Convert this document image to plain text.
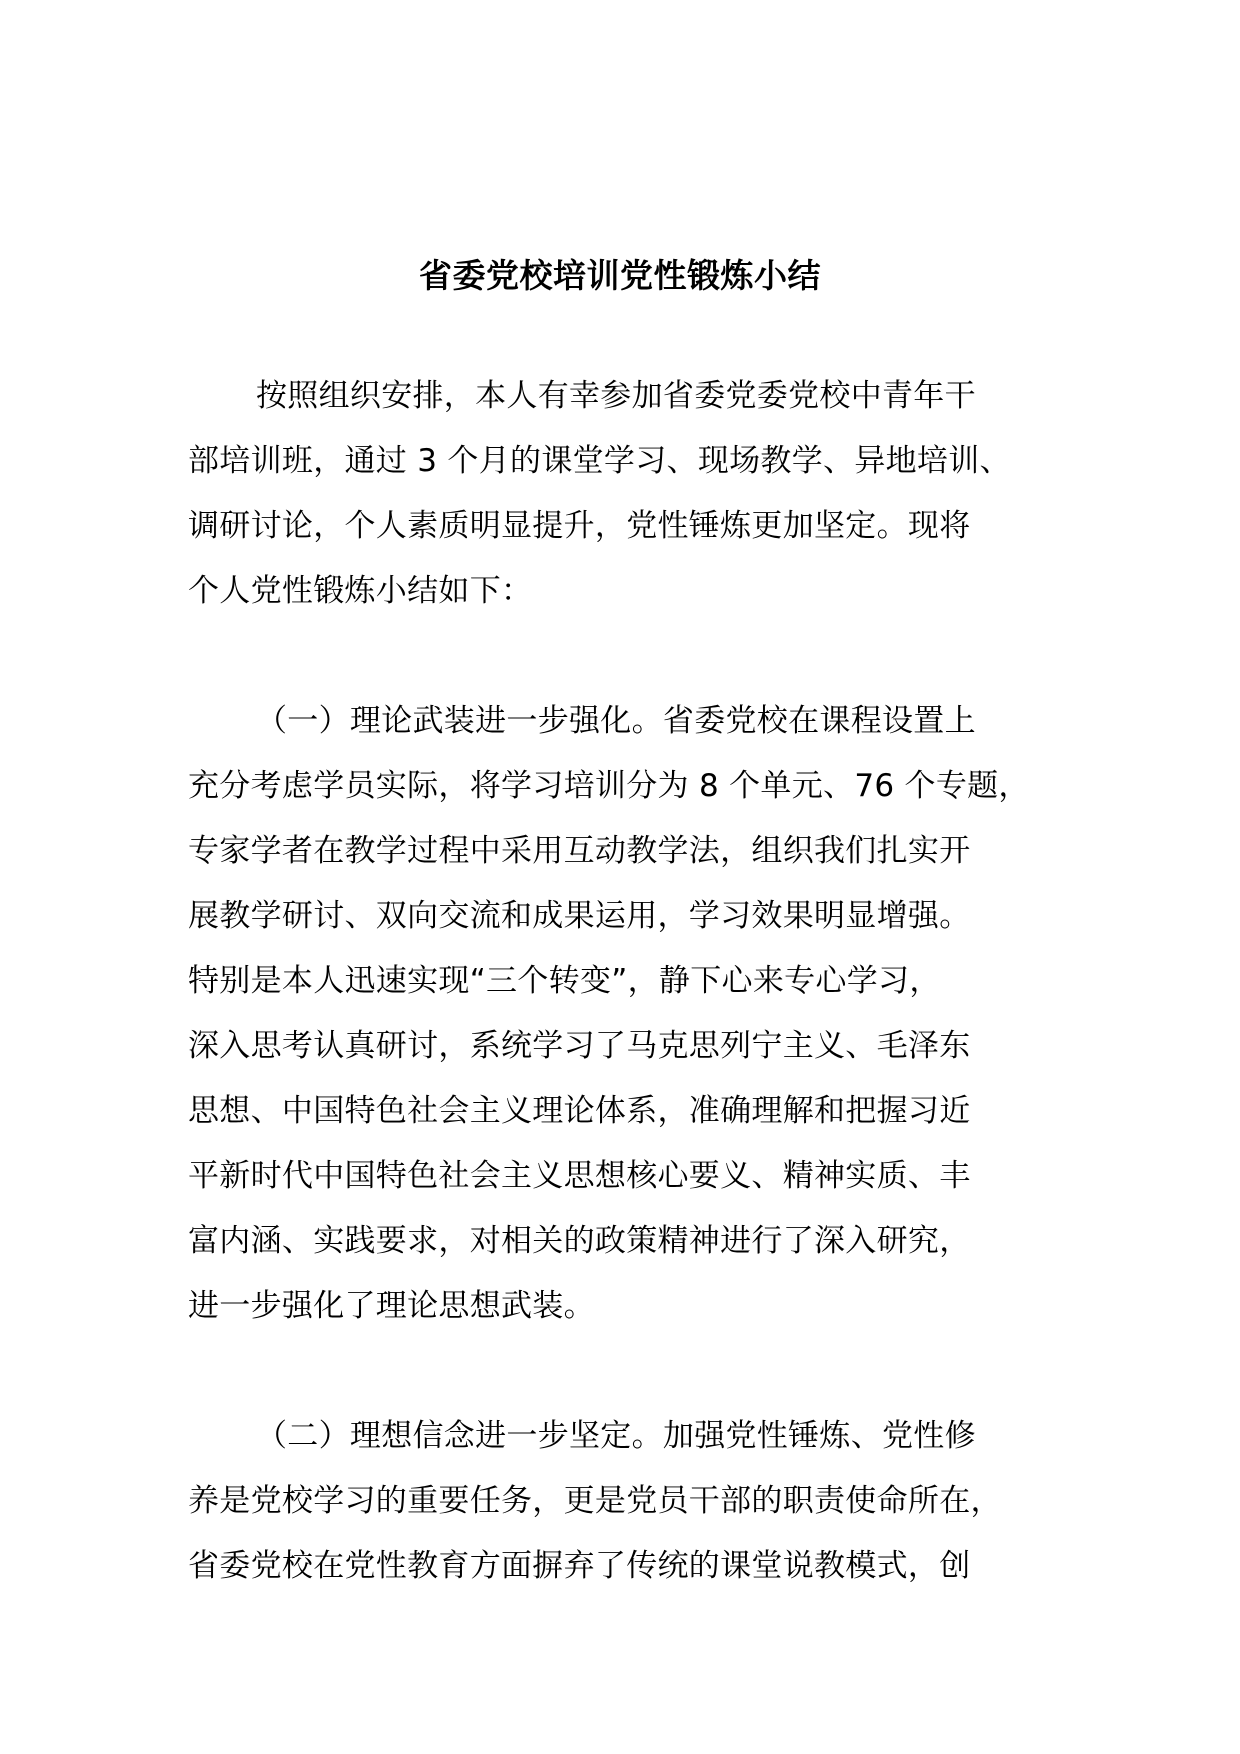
省委党校培训党性锻炼小结
按照组织安排，本人有幸参加省委党委党校中青年干
部培训班，通过 3 个月的课堂学习、现场教学、异地培训、
调研讨论，个人素质明显提升，党性锤炼更加坚定。现将
个人党性锻炼小结如下：
（一）理论武装进一步强化。省委党校在课程设置上
充分考虑学员实际，将学习培训分为 8 个单元、76 个专题，
专家学者在教学过程中采用互动教学法，组织我们扎实开
展教学研讨、双向交流和成果运用，学习效果明显增强。
特别是本人迅速实现“三个转变”，静下心来专心学习，
深入思考认真研讨，系统学习了马克思列宁主义、毛泽东
思想、中国特色社会主义理论体系，准确理解和把握习近
平新时代中国特色社会主义思想核心要义、精神实质、丰
富内涵、实践要求，对相关的政策精神进行了深入研究，
进一步强化了理论思想武装。
（二）理想信念进一步坚定。加强党性锤炼、党性修
养是党校学习的重要任务，更是党员干部的职责使命所在，
省委党校在党性教育方面摒弃了传统的课堂说教模式，创
